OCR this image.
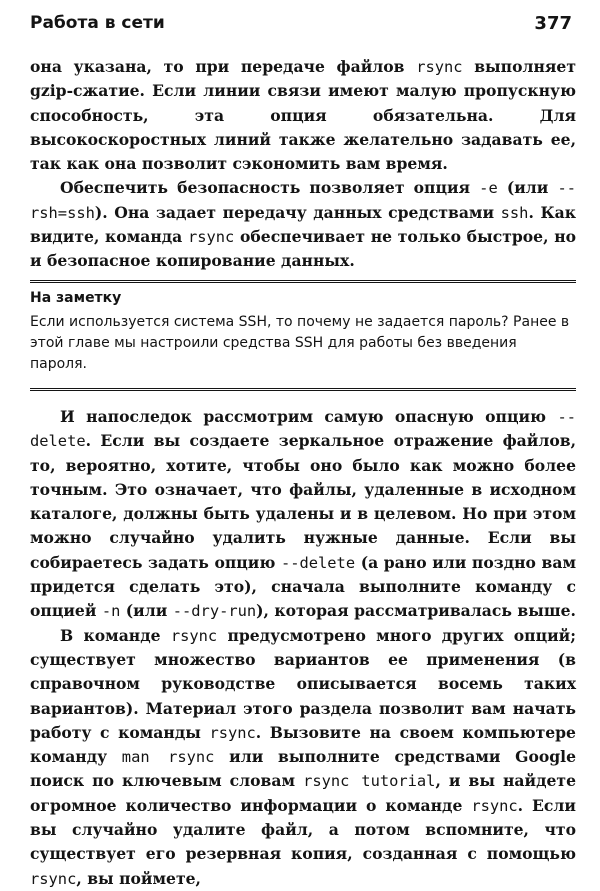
Работа в сети	377

она указана, то при передаче файлов rsync выполняет gzip-сжатие. Если линии связи имеют малую пропускную способность, эта опция обязательна. Для высокоскоростных линий также желательно задавать ее, так как она позволит сэкономить вам время.

Обеспечить безопасность позволяет опция -e (или --rsh=ssh). Она задает передачу данных средствами ssh. Как видите, команда rsync обеспечивает не только быстрое, но и безопасное копирование данных.

На заметку

Если используется система SSH, то почему не задается пароль? Ранее в этой главе мы настроили средства SSH для работы без введения пароля.

И напоследок рассмотрим самую опасную опцию --delete. Если вы создаете зеркальное отражение файлов, то, вероятно, хотите, чтобы оно было как можно более точным. Это означает, что файлы, удаленные в исходном каталоге, должны быть удалены и в целевом. Но при этом можно случайно удалить нужные данные. Если вы собираетесь задать опцию --delete (а рано или поздно вам придется сделать это), сначала выполните команду с опцией -n (или --dry-run), которая рассматривалась выше.

В команде rsync предусмотрено много других опций; существует множество вариантов ее применения (в справочном руководстве описывается восемь таких вариантов). Материал этого раздела позволит вам начать работу с команды rsync. Вызовите на своем компьютере команду man rsync или выполните средствами Google поиск по ключевым словам rsync tutorial, и вы найдете огромное количество информации о команде rsync. Если вы случайно удалите файл, а потом вспомните, что существует его резервная копия, созданная с помощью rsync, вы поймете,
